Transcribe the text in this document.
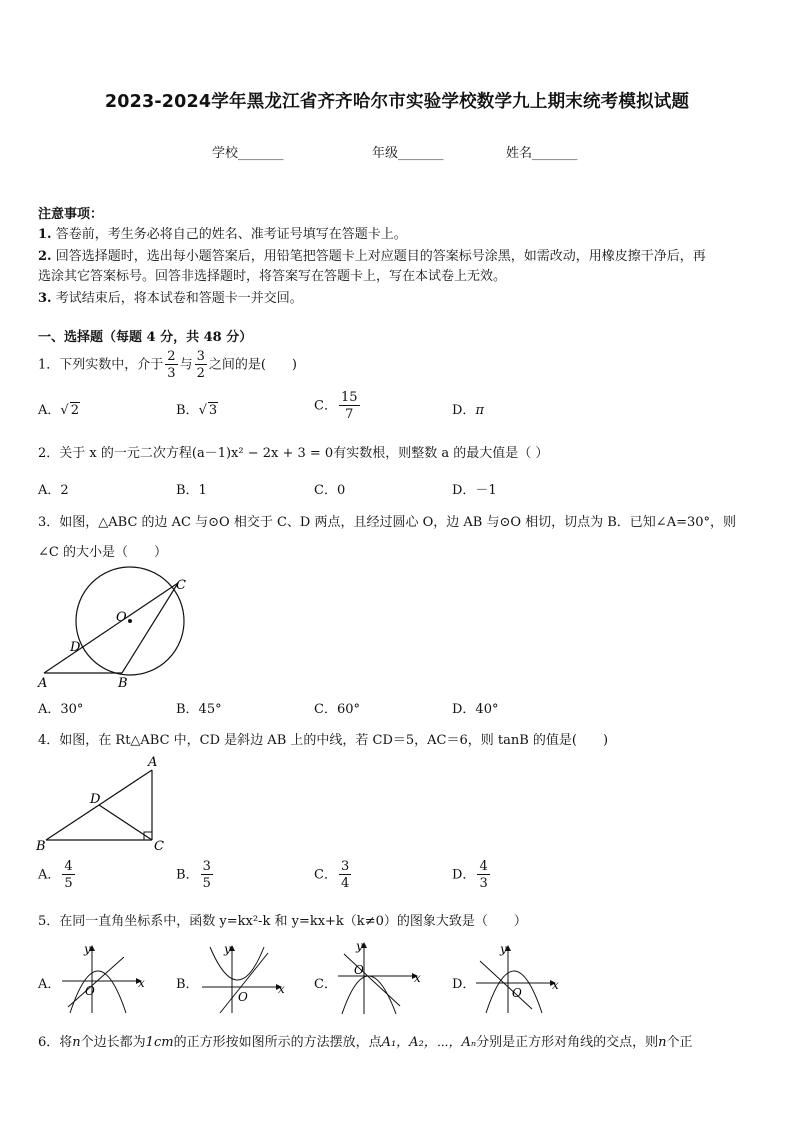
2023-2024学年黑龙江省齐齐哈尔市实验学校数学九上期末统考模拟试题
学校_______	年级_______	姓名_______
注意事项：
1. 答卷前，考生务必将自己的姓名、准考证号填写在答题卡上。
2. 回答选择题时，选出每小题答案后，用铅笔把答题卡上对应题目的答案标号涂黑，如需改动，用橡皮擦干净后，再
选涂其它答案标号。回答非选择题时，将答案写在答题卡上，写在本试卷上无效。
3. 考试结束后，将本试卷和答题卡一并交回。
一、选择题（每题 4 分，共 48 分）
1．下列实数中，介于 $\frac{2}{3}$ 与 $\frac{3}{2}$ 之间的是(　　)
A．√ 2	B．√ 3	C． $\frac{15}{7}$	D．π
2．关于 x 的一元二次方程(a－1)x² − 2x + 3 = 0有实数根，则整数 a 的最大值是（ ）
A．2	B．1	C．0	D．－1
3．如图，△ABC 的边 AC 与⊙O 相交于 C、D 两点，且经过圆心 O，边 AB 与⊙O 相切，切点为 B．已知∠A=30°，则
∠C 的大小是（　　）
O
C
D
A	B
A．30°	B．45°	C．60°	D．40°
4．如图，在 Rt△ABC 中，CD 是斜边 AB 上的中线，若 CD＝5，AC＝6，则 tanB 的值是(　　)
A
D
B	C
A． $\frac{4}{5}$	B． $\frac{3}{5}$	C． $\frac{3}{4}$	D． $\frac{4}{3}$
5．在同一直角坐标系中，函数 y=kx²-k 和 y=kx+k（k≠0）的图象大致是（　　）
A．
y
x
O	B．
y
x
O
C．
y
x
O
D．
y
x
O
6．将n个边长都为1cm的正方形按如图所示的方法摆放，点A₁，A₂，⋯，Aₙ分别是正方形对角线的交点，则n个正
